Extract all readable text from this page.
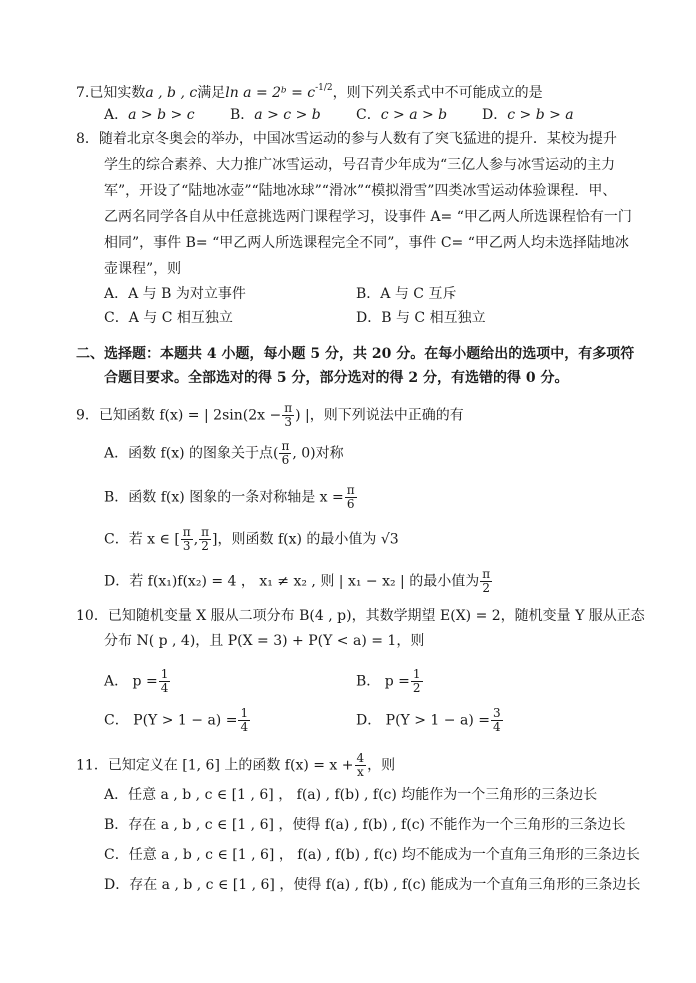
7.已知实数a , b , c满足ln a = 2ᵇ = $c^{-1/2}$，则下列关系式中不可能成立的是
A．a > b > c	B．a > c > b	C．c > a > b D．c > b > a
8．随着北京冬奥会的举办，中国冰雪运动的参与人数有了突飞猛进的提升．某校为提升
学生的综合素养、大力推广冰雪运动，号召青少年成为“三亿人参与冰雪运动的主力
军”，开设了“陆地冰壶”“陆地冰球”“滑冰”“模拟滑雪”四类冰雪运动体验课程．甲、
乙两名同学各自从中任意挑选两门课程学习，设事件 A= “甲乙两人所选课程恰有一门
相同”，事件 B= “甲乙两人所选课程完全不同”，事件 C= “甲乙两人均未选择陆地冰
壶课程”，则
A．A 与 B 为对立事件	B．A 与 C 互斥
C．A 与 C 相互独立	D．B 与 C 相互独立
二、选择题：本题共 4 小题，每小题 5 分，共 20 分。在每小题给出的选项中，有多项符
合题目要求。全部选对的得 5 分，部分选对的得 2 分，有选错的得 0 分。
9．已知函数 f(x) = | $2\sin(2x - \frac{\pi}{3}$ ) |，则下列说法中正确的有
A．函数 f(x) 的图象关于点( $\frac{\pi}{6}$ , 0)对称
B．函数 f(x) 图象的一条对称轴是 $x = \frac{\pi}{6}$
C．若 x ∈ [ $\frac{\pi}{3}$ , $\frac{\pi}{2}$ ]，则函数 f(x) 的最小值为 √3
D．若 f(x₁)f(x₂) = 4 ， x₁ ≠ x₂ , 则 | x₁ − x₂ | 的最小值为 $\frac{\pi}{2}$
10．已知随机变量 X 服从二项分布 B(4 , p)，其数学期望 E(X) = 2，随机变量 Y 服从正态
分布 N( p , 4)，且 P(X = 3) + P(Y < a) = 1，则
A． $p = \frac{1}{4}$	B． $p = \frac{1}{2}$
C． $P(Y > 1 - a) = \frac{1}{4}$	D． $P(Y > 1 - a) = \frac{3}{4}$
11．已知定义在 [1, 6] 上的函数 $f(x) = x + \frac{4}{x}$ ，则
A．任意 a , b , c ∈ [1 , 6] ， f(a) , f(b) , f(c) 均能作为一个三角形的三条边长
B．存在 a , b , c ∈ [1 , 6] ，使得 f(a) , f(b) , f(c) 不能作为一个三角形的三条边长
C．任意 a , b , c ∈ [1 , 6] ， f(a) , f(b) , f(c) 均不能成为一个直角三角形的三条边长
D．存在 a , b , c ∈ [1 , 6] ，使得 f(a) , f(b) , f(c) 能成为一个直角三角形的三条边长
